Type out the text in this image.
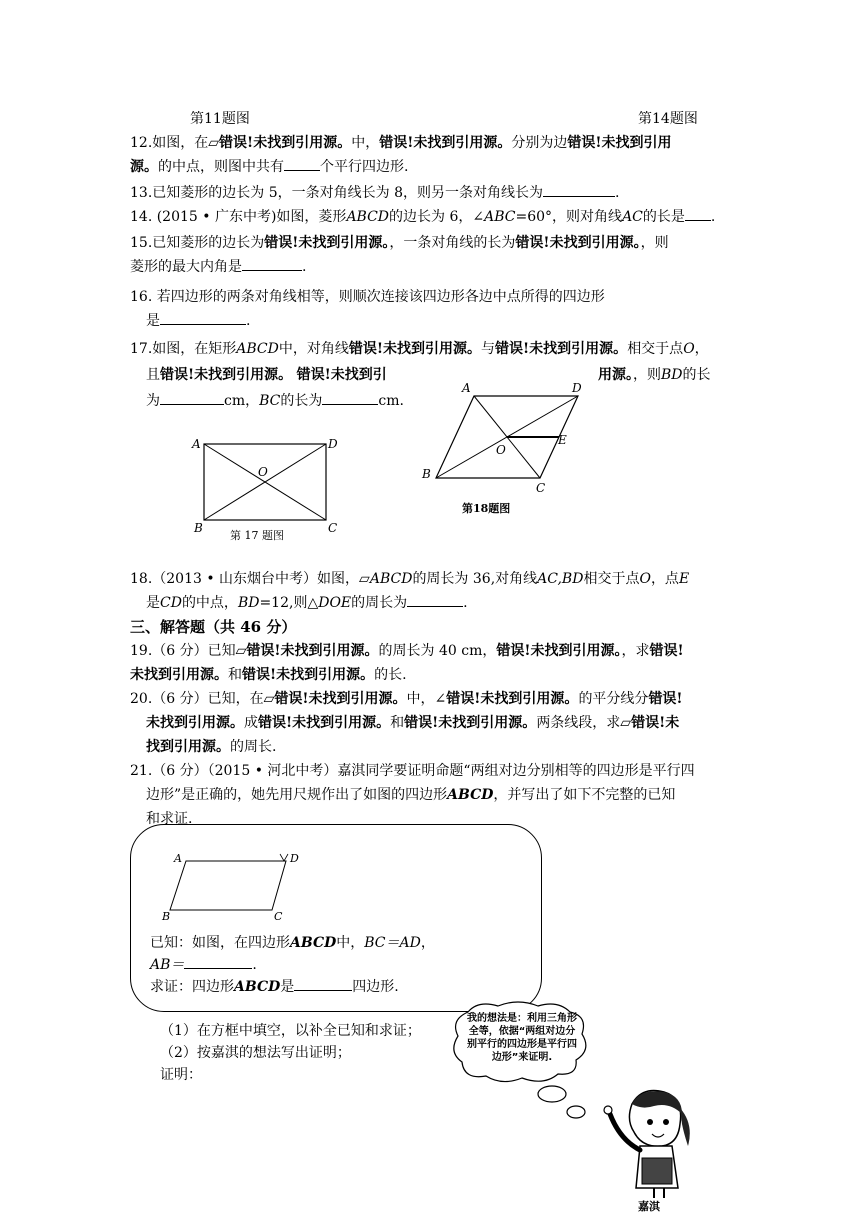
第11题图	第14题图
12.如图，在▱错误!未找到引用源。中，错误!未找到引用源。分别为边错误!未找到引用
源。的中点，则图中共有	个平行四边形.
13.已知菱形的边长为 5，一条对角线长为 8，则另一条对角线长为	.
14. (2015 • 广东中考)如图，菱形ABCD的边长为 6，∠ABC=60°，则对角线AC的长是 .
15.已知菱形的边长为错误!未找到引用源。，一条对角线的长为错误!未找到引用源。，则
菱形的最大内角是	.
16. 若四边形的两条对角线相等，则顺次连接该四边形各边中点所得的四边形
是	.
17.如图，在矩形ABCD中，对角线错误!未找到引用源。与错误!未找到引用源。相交于点O，
且错误!未找到引用源。 错误!未找到引	用源。，则BD的长
为	cm，BC的长为	cm.
A	D
O
B	C
第 17 题图
A	D
O
E
B
C
第18题图
18.（2013 • 山东烟台中考）如图，▱ABCD的周长为 36,对角线AC,BD相交于点O，点E
是CD的中点，BD=12,则△DOE的周长为	.
三、解答题（共 46 分）
19.（6 分）已知▱错误!未找到引用源。的周长为 40 cm，错误!未找到引用源。，求错误!
未找到引用源。和错误!未找到引用源。的长.
20.（6 分）已知，在▱错误!未找到引用源。中，∠错误!未找到引用源。的平分线分错误!
未找到引用源。成错误!未找到引用源。和错误!未找到引用源。两条线段，求▱错误!未
找到引用源。的周长.
21.（6 分）（2015 • 河北中考）嘉淇同学要证明命题“两组对边分别相等的四边形是平行四
边形”是正确的，她先用尺规作出了如图的四边形ABCD，并写出了如下不完整的已知
和求证.
A	D
B	C
已知：如图，在四边形ABCD中，BC＝AD，
AB＝	.
求证：四边形ABCD是	四边形.
（1）在方框中填空，以补全已知和求证；
（2）按嘉淇的想法写出证明；
证明：
我的想法是：利用三角形全等，依据“两组对边分别平行的四边形是平行四边形”来证明.
嘉淇
